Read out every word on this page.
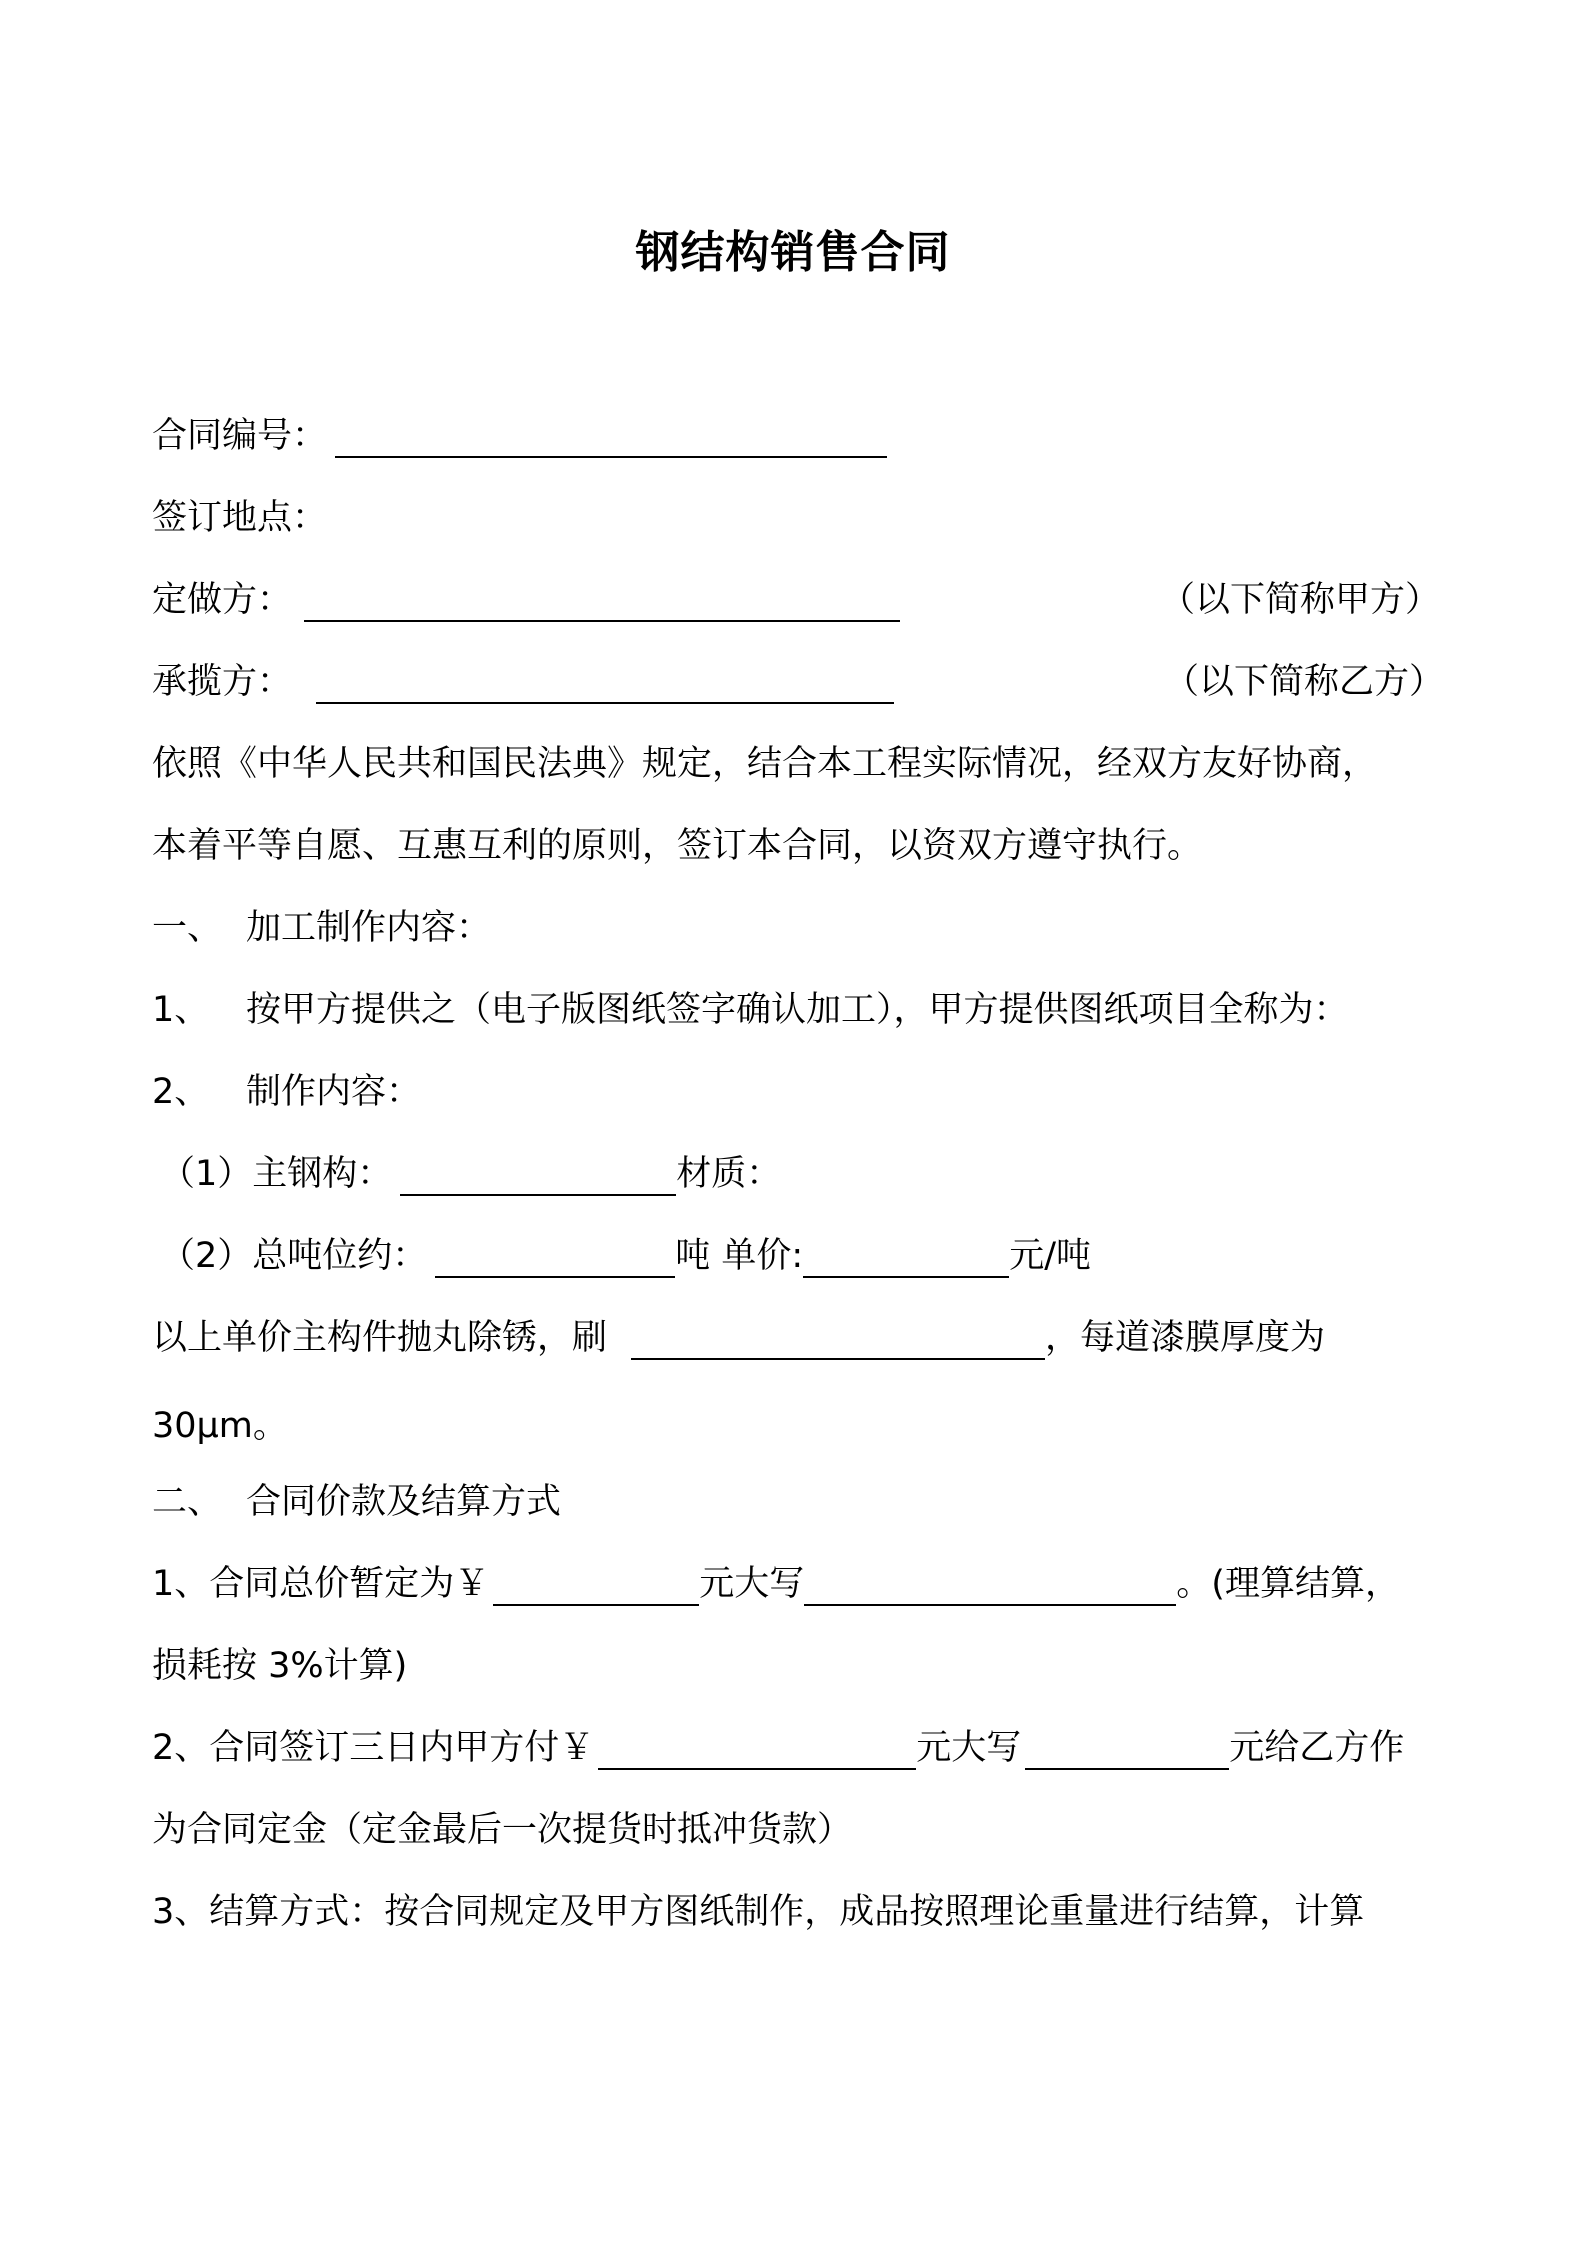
钢结构销售合同
合同编号：
签订地点：
定做方：	（以下简称甲方）
承揽方：	（以下简称乙方）
依照《中华人民共和国民法典》规定，结合本工程实际情况，经双方友好协商，
本着平等自愿、互惠互利的原则，签订本合同，以资双方遵守执行。
一、 加工制作内容：
1、 按甲方提供之（电子版图纸签字确认加工），甲方提供图纸项目全称为：
2、 制作内容：
（1）主钢构：	材质：
（2）总吨位约：	吨 单价:	元/吨
以上单价主构件抛丸除锈，刷	，每道漆膜厚度为
30μm。
二、 合同价款及结算方式
1、合同总价暂定为￥	元大写	。(理算结算，
损耗按 3%计算)
2、合同签订三日内甲方付￥	元大写	元给乙方作
为合同定金（定金最后一次提货时抵冲货款）
3、结算方式：按合同规定及甲方图纸制作，成品按照理论重量进行结算，计算
